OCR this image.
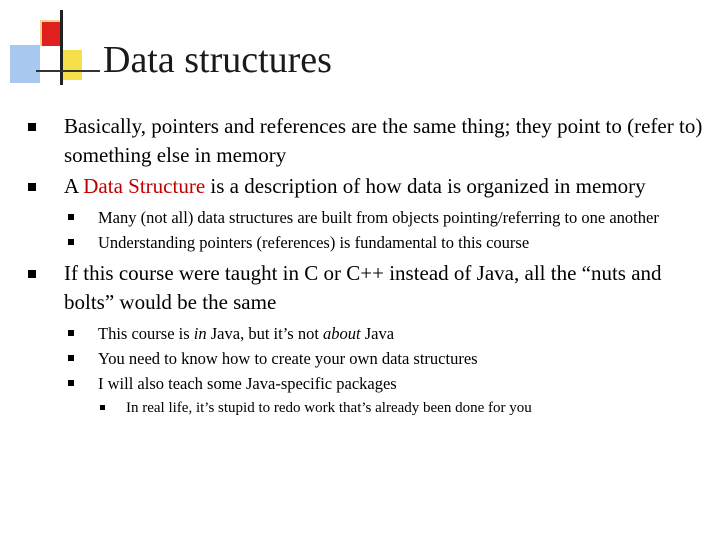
Data structures

Basically, pointers and references are the same thing; they point to (refer to) something else in memory

A Data Structure is a description of how data is organized in memory

Many (not all) data structures are built from objects pointing/referring to one another

Understanding pointers (references) is fundamental to this course

If this course were taught in C or C++ instead of Java, all the “nuts and bolts” would be the same

This course is in Java, but it’s not about Java

You need to know how to create your own data structures

I will also teach some Java-specific packages

In real life, it’s stupid to redo work that’s already been done for you
